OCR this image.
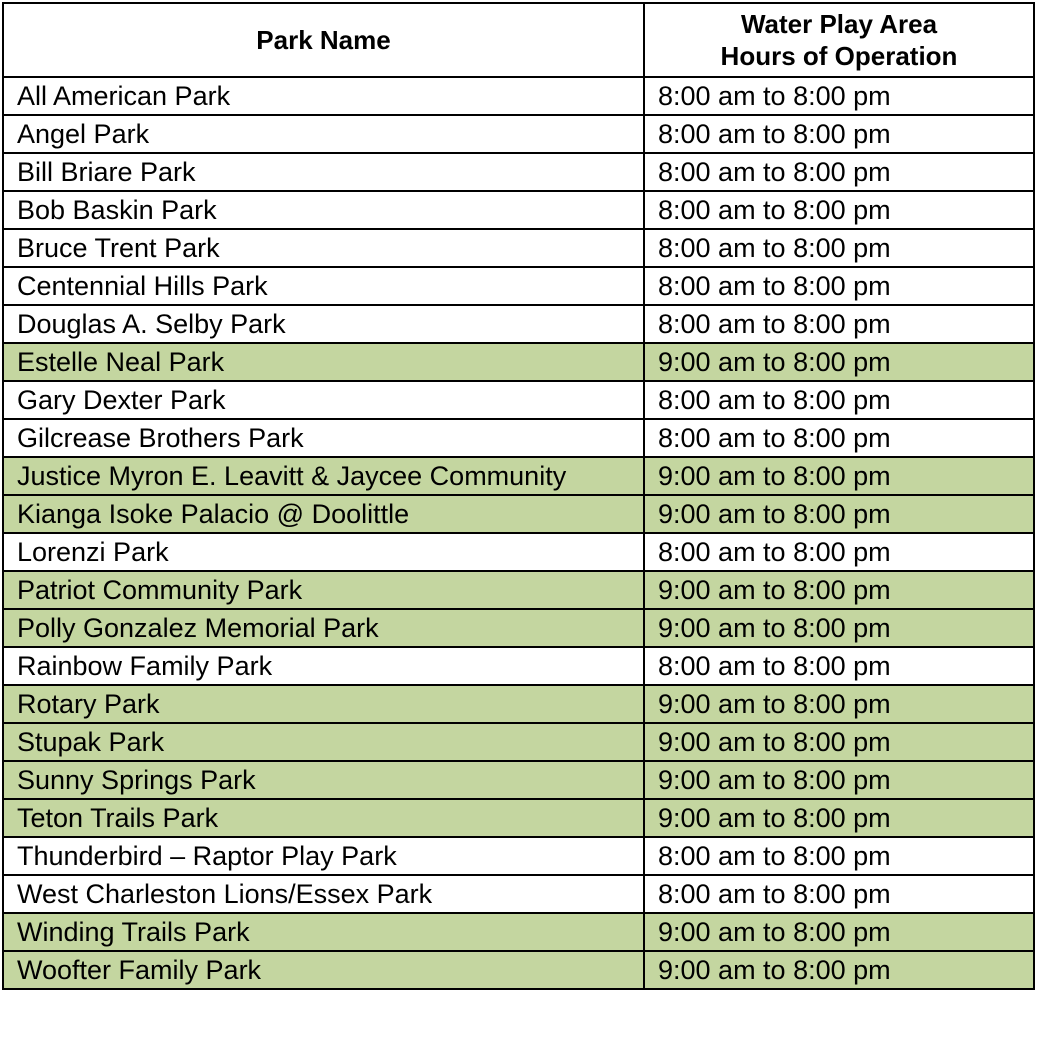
Park Name	Water Play Area
Hours of Operation

All American Park	8:00 am to 8:00 pm
Angel Park	8:00 am to 8:00 pm
Bill Briare Park	8:00 am to 8:00 pm
Bob Baskin Park	8:00 am to 8:00 pm
Bruce Trent Park	8:00 am to 8:00 pm
Centennial Hills Park	8:00 am to 8:00 pm
Douglas A. Selby Park	8:00 am to 8:00 pm
Estelle Neal Park	9:00 am to 8:00 pm
Gary Dexter Park	8:00 am to 8:00 pm
Gilcrease Brothers Park	8:00 am to 8:00 pm
Justice Myron E. Leavitt & Jaycee Community	9:00 am to 8:00 pm
Kianga Isoke Palacio @ Doolittle	9:00 am to 8:00 pm
Lorenzi Park	8:00 am to 8:00 pm
Patriot Community Park	9:00 am to 8:00 pm
Polly Gonzalez Memorial Park	9:00 am to 8:00 pm
Rainbow Family Park	8:00 am to 8:00 pm
Rotary Park	9:00 am to 8:00 pm
Stupak Park	9:00 am to 8:00 pm
Sunny Springs Park	9:00 am to 8:00 pm
Teton Trails Park	9:00 am to 8:00 pm
Thunderbird – Raptor Play Park	8:00 am to 8:00 pm
West Charleston Lions/Essex Park	8:00 am to 8:00 pm
Winding Trails Park	9:00 am to 8:00 pm
Woofter Family Park	9:00 am to 8:00 pm
